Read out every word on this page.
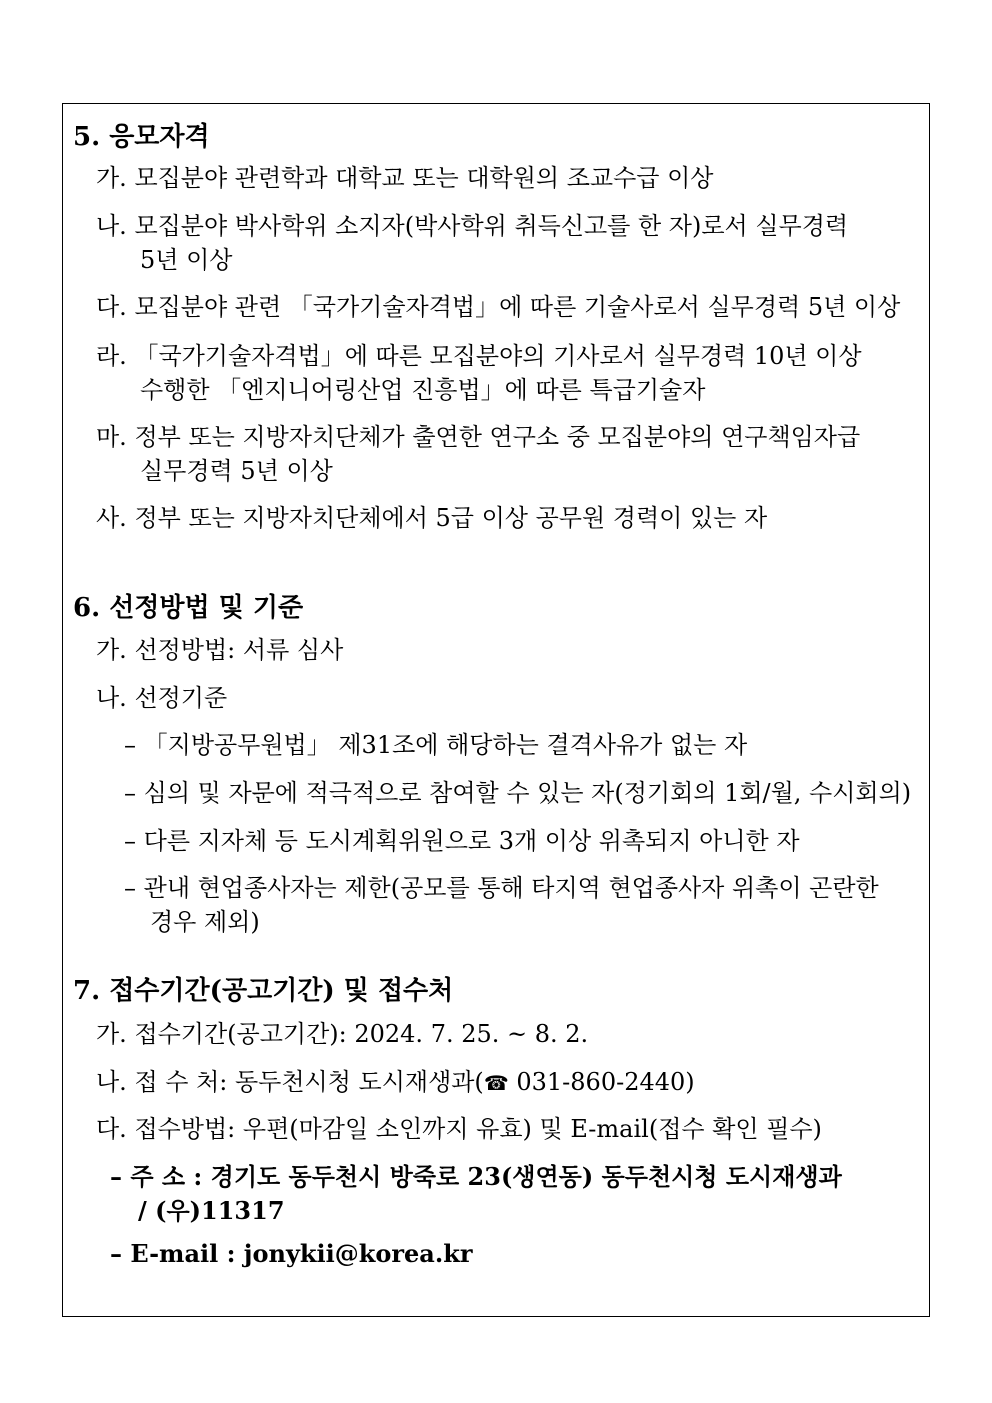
5. 응모자격
가. 모집분야 관련학과 대학교 또는 대학원의 조교수급 이상
나. 모집분야 박사학위 소지자(박사학위 취득신고를 한 자)로서 실무경력
5년 이상
다. 모집분야 관련 「국가기술자격법」에 따른 기술사로서 실무경력 5년 이상
라. 「국가기술자격법」에 따른 모집분야의 기사로서 실무경력 10년 이상
수행한 「엔지니어링산업 진흥법」에 따른 특급기술자
마. 정부 또는 지방자치단체가 출연한 연구소 중 모집분야의 연구책임자급
실무경력 5년 이상
사. 정부 또는 지방자치단체에서 5급 이상 공무원 경력이 있는 자
6. 선정방법 및 기준
가. 선정방법: 서류 심사
나. 선정기준
– 「지방공무원법」 제31조에 해당하는 결격사유가 없는 자
– 심의 및 자문에 적극적으로 참여할 수 있는 자(정기회의 1회/월, 수시회의)
– 다른 지자체 등 도시계획위원으로 3개 이상 위촉되지 아니한 자
– 관내 현업종사자는 제한(공모를 통해 타지역 현업종사자 위촉이 곤란한
경우 제외)
7. 접수기간(공고기간) 및 접수처
가. 접수기간(공고기간): 2024. 7. 25. ~ 8. 2.
나. 접 수 처: 동두천시청 도시재생과(☎ 031-860-2440)
다. 접수방법: 우편(마감일 소인까지 유효) 및 E-mail(접수 확인 필수)
– 주 소 : 경기도 동두천시 방죽로 23(생연동) 동두천시청 도시재생과
/ (우)11317
– E-mail : jonykii@korea.kr
